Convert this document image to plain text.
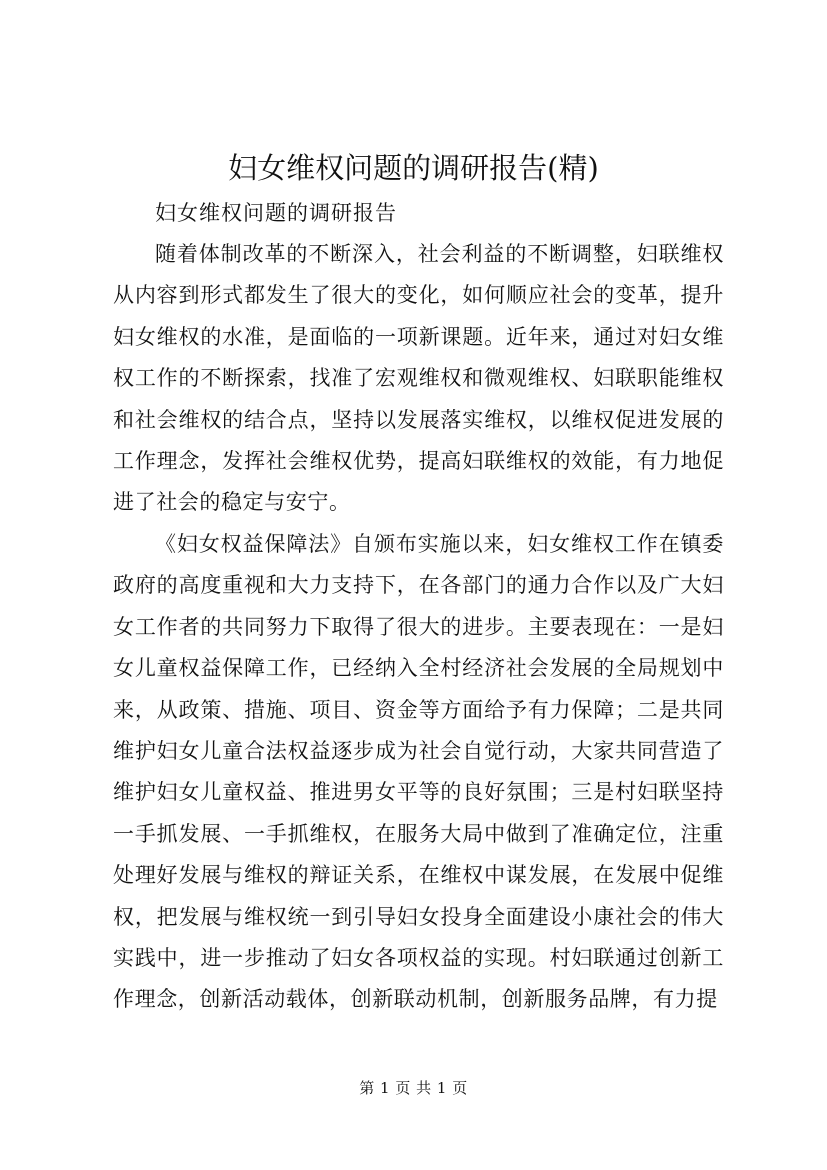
妇女维权问题的调研报告(精)

妇女维权问题的调研报告

随着体制改革的不断深入，社会利益的不断调整，妇联维权从内容到形式都发生了很大的变化，如何顺应社会的变革，提升妇女维权的水准，是面临的一项新课题。近年来，通过对妇女维权工作的不断探索，找准了宏观维权和微观维权、妇联职能维权和社会维权的结合点，坚持以发展落实维权，以维权促进发展的工作理念，发挥社会维权优势，提高妇联维权的效能，有力地促进了社会的稳定与安宁。

《妇女权益保障法》自颁布实施以来，妇女维权工作在镇委政府的高度重视和大力支持下，在各部门的通力合作以及广大妇女工作者的共同努力下取得了很大的进步。主要表现在：一是妇女儿童权益保障工作，已经纳入全村经济社会发展的全局规划中来，从政策、措施、项目、资金等方面给予有力保障；二是共同维护妇女儿童合法权益逐步成为社会自觉行动，大家共同营造了维护妇女儿童权益、推进男女平等的良好氛围；三是村妇联坚持一手抓发展、一手抓维权，在服务大局中做到了准确定位，注重处理好发展与维权的辩证关系，在维权中谋发展，在发展中促维权，把发展与维权统一到引导妇女投身全面建设小康社会的伟大实践中，进一步推动了妇女各项权益的实现。村妇联通过创新工作理念，创新活动载体，创新联动机制，创新服务品牌，有力提

第 1 页 共 1 页
